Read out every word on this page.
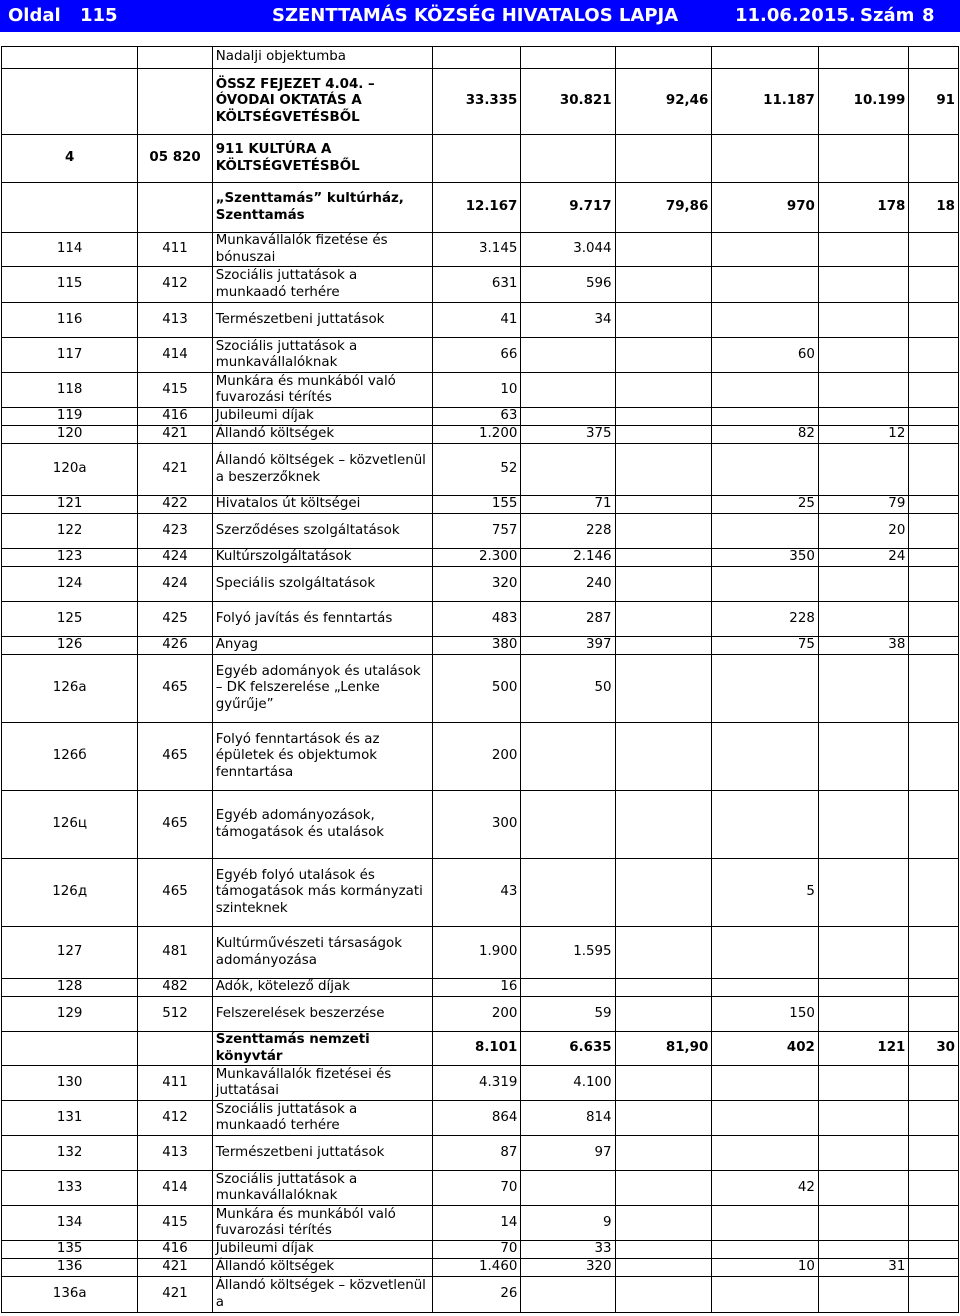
Oldal 115	SZENTTAMÁS KÖZSÉG HIVATALOS LAPJA	11.06.2015. Szám 8
		Nadalji objektumba						
		ÖSSZ FEJEZET 4.04. – ÓVODAI OKTATÁS A KÖLTSÉGVETÉSBŐL	33.335	30.821	92,46	11.187	10.199	91
4	05 820	911 KULTÚRA A KÖLTSÉGVETÉSBŐL						
		„Szenttamás” kultúrház, Szenttamás	12.167	9.717	79,86	970	178	18
114	411	Munkavállalók fizetése és bónuszai	3.145	3.044				
115	412	Szociális juttatások a munkaadó terhére	631	596				
116	413	Természetbeni juttatások	41	34				
117	414	Szociális juttatások a munkavállalóknak	66			60		
118	415	Munkára és munkából való fuvarozási térítés	10					
119	416	Jubileumi díjak	63					
120	421	Állandó költségek	1.200	375		82	12	
120a	421	Állandó költségek – közvetlenül a beszerzőknek	52					
121	422	Hivatalos út költségei	155	71		25	79	
122	423	Szerződéses szolgáltatások	757	228			20	
123	424	Kultúrszolgáltatások	2.300	2.146		350	24	
124	424	Speciális szolgáltatások	320	240				
125	425	Folyó javítás és fenntartás	483	287		228		
126	426	Anyag	380	397		75	38	
126a	465	Egyéb adományok és utalások – DK felszerelése „Lenke gyűrűje”	500	50				
126б	465	Folyó fenntartások és az épületek és objektumok fenntartása	200					
126ц	465	Egyéb adományozások, támogatások és utalások	300					
126д	465	Egyéb folyó utalások és támogatások más kormányzati szinteknek	43			5		
127	481	Kultúrművészeti társaságok adományozása	1.900	1.595				
128	482	Adók, kötelező díjak	16					
129	512	Felszerelések beszerzése	200	59		150		
		Szenttamás nemzeti könyvtár	8.101	6.635	81,90	402	121	30
130	411	Munkavállalók fizetései és juttatásai	4.319	4.100				
131	412	Szociális juttatások a munkaadó terhére	864	814				
132	413	Természetbeni juttatások	87	97				
133	414	Szociális juttatások a munkavállalóknak	70			42		
134	415	Munkára és munkából való fuvarozási térítés	14	9				
135	416	Jubileumi díjak	70	33				
136	421	Állandó költségek	1.460	320		10	31	
136a	421	Állandó költségek – közvetlenül a	26					
